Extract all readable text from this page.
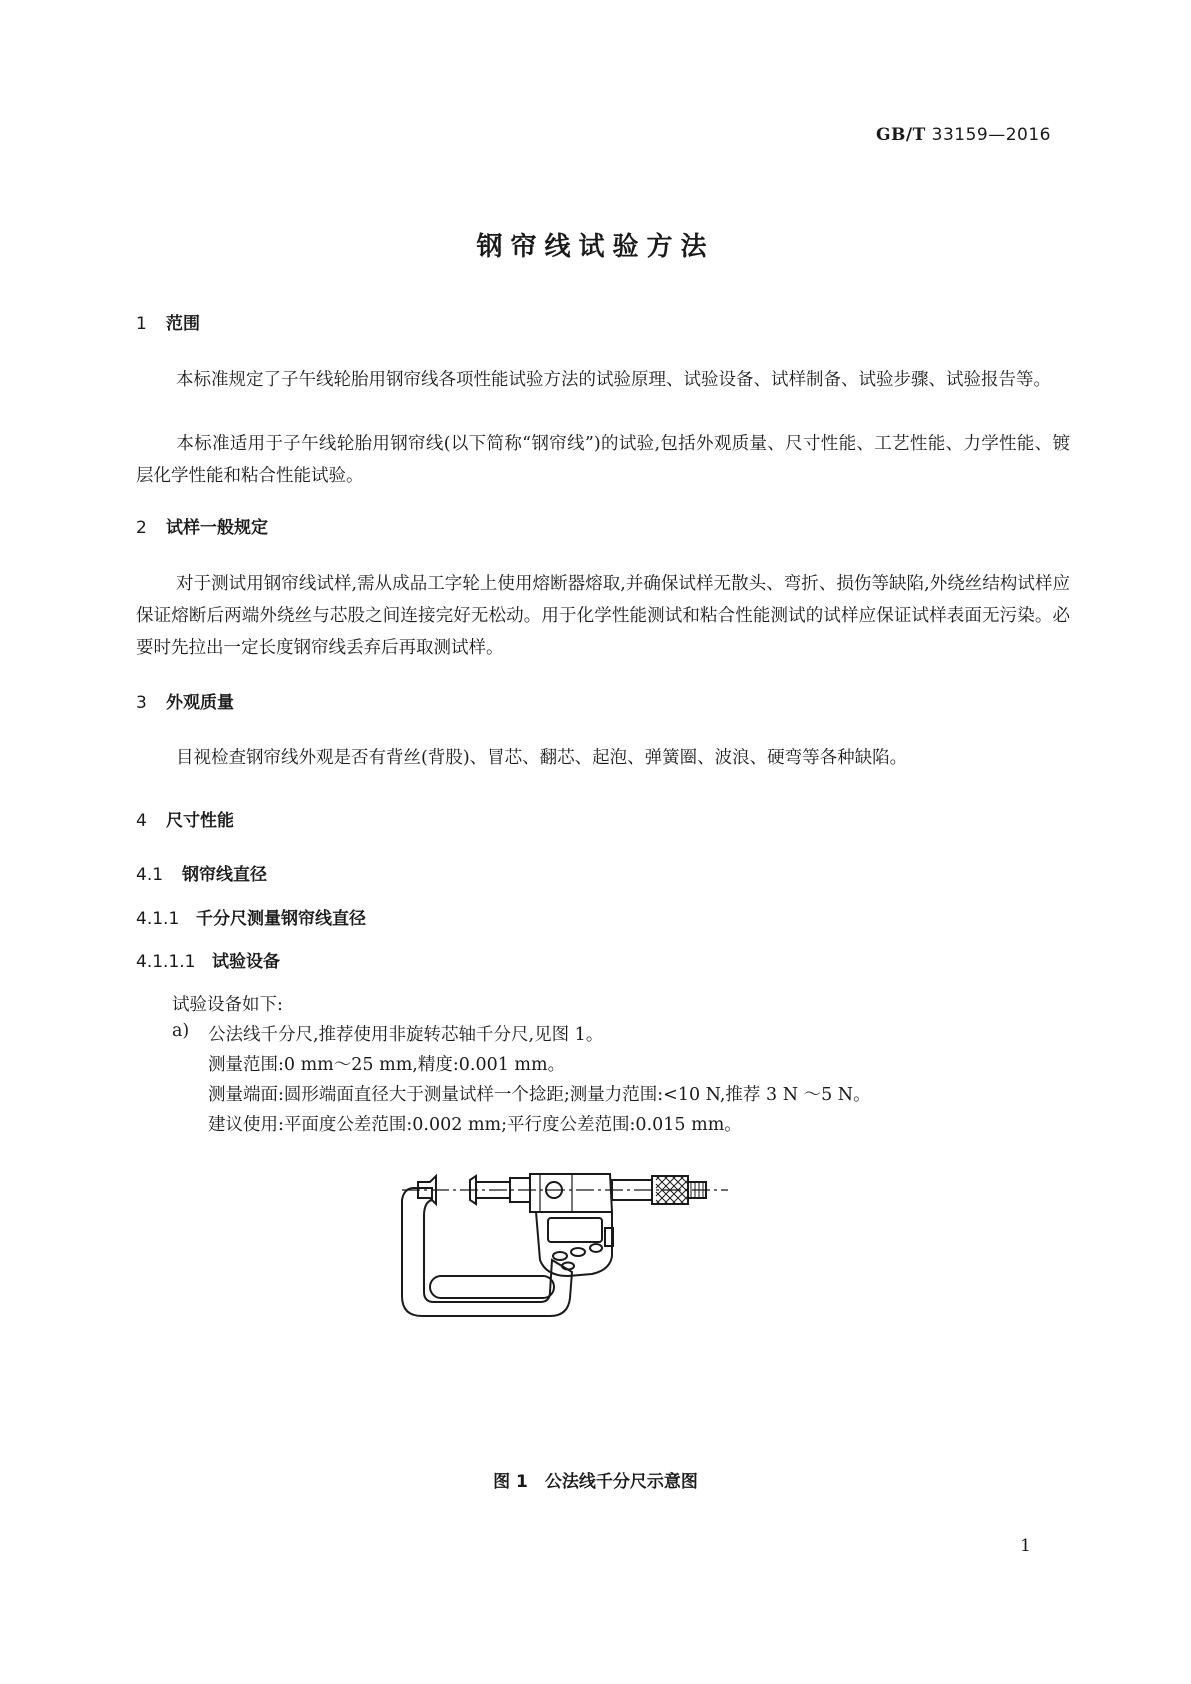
GB/T 33159—2016
钢帘线试验方法
1 范围
本标准规定了子午线轮胎用钢帘线各项性能试验方法的试验原理、试验设备、试样制备、试验步骤、试验报告等。
本标准适用于子午线轮胎用钢帘线(以下简称“钢帘线”)的试验,包括外观质量、尺寸性能、工艺性能、力学性能、镀层化学性能和粘合性能试验。
2 试样一般规定
对于测试用钢帘线试样,需从成品工字轮上使用熔断器熔取,并确保试样无散头、弯折、损伤等缺陷,外绕丝结构试样应保证熔断后两端外绕丝与芯股之间连接完好无松动。用于化学性能测试和粘合性能测试的试样应保证试样表面无污染。必要时先拉出一定长度钢帘线丢弃后再取测试样。
3 外观质量
目视检查钢帘线外观是否有背丝(背股)、冒芯、翻芯、起泡、弹簧圈、波浪、硬弯等各种缺陷。
4 尺寸性能
4.1 钢帘线直径
4.1.1 千分尺测量钢帘线直径
4.1.1.1 试验设备
试验设备如下:
a) 公法线千分尺,推荐使用非旋转芯轴千分尺,见图 1。
测量范围:0 mm～25 mm,精度:0.001 mm。
测量端面:圆形端面直径大于测量试样一个捻距;测量力范围:<10 N,推荐 3 N ～5 N。
建议使用:平面度公差范围:0.002 mm;平行度公差范围:0.015 mm。
图 1　公法线千分尺示意图
1
